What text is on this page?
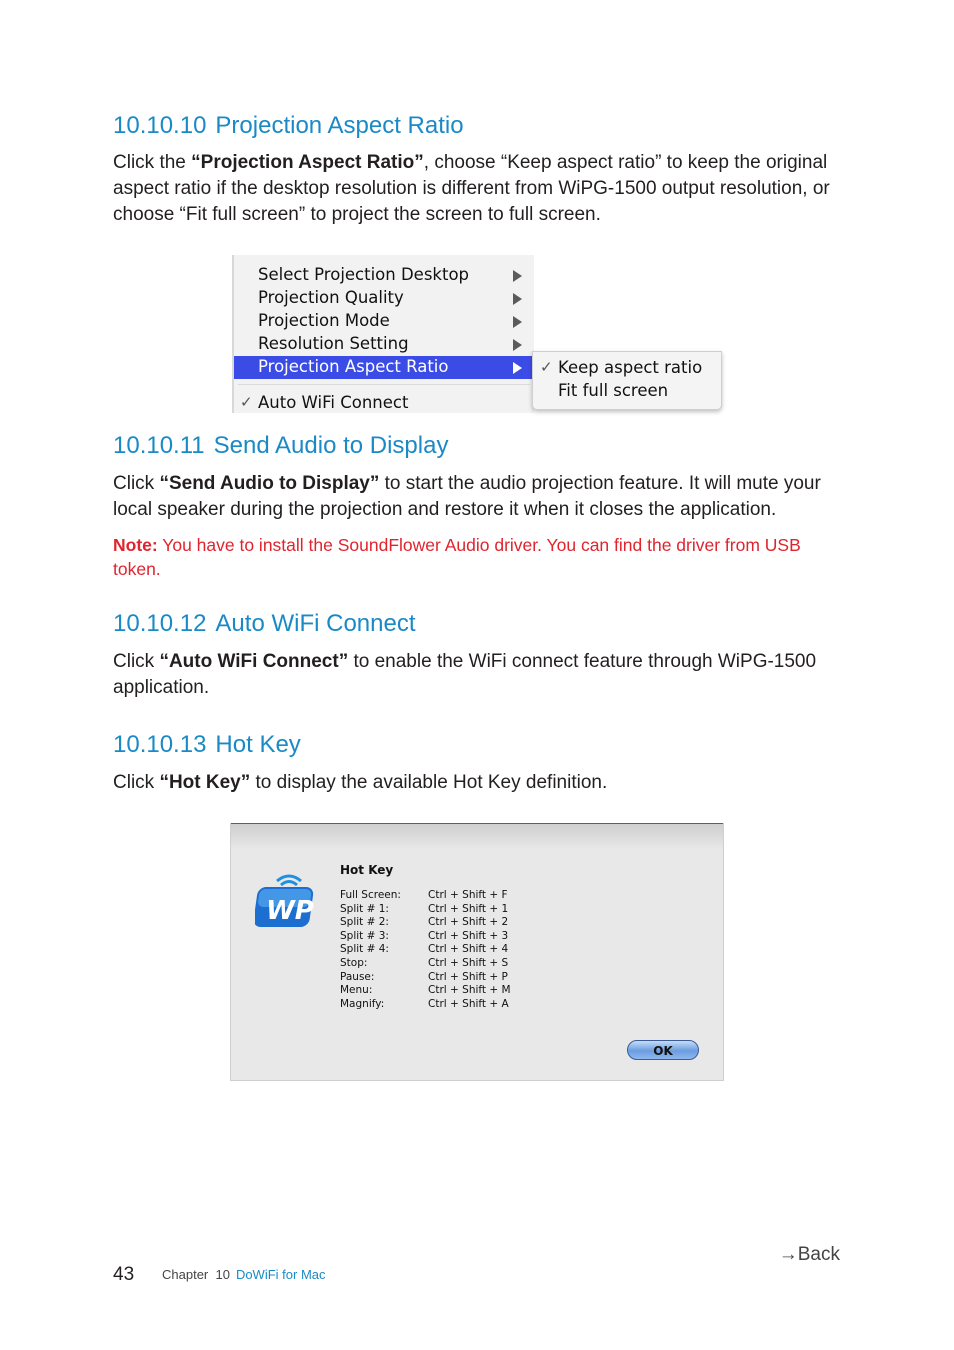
10.10.10 Projection Aspect Ratio

Click the “Projection Aspect Ratio”, choose “Keep aspect ratio” to keep the original aspect ratio if the desktop resolution is different from WiPG-1500 output resolution, or choose “Fit full screen” to project the screen to full screen.

Select Projection Desktop
Projection Quality
Projection Mode
Resolution Setting
Projection Aspect Ratio
✓ Auto WiFi Connect
✓ Keep aspect ratio
Fit full screen
10.10.11 Send Audio to Display

Click “Send Audio to Display” to start the audio projection feature. It will mute your local speaker during the projection and restore it when it closes the application.

Note: You have to install the SoundFlower Audio driver. You can find the driver from USB token.

10.10.12 Auto WiFi Connect

Click “Auto WiFi Connect” to enable the WiFi connect feature through WiPG-1500 application.

10.10.13 Hot Key

Click “Hot Key” to display the available Hot Key definition.

WP
Hot Key
Full Screen:	Ctrl + Shift + F
Split # 1:	Ctrl + Shift + 1
Split # 2:	Ctrl + Shift + 2
Split # 3:	Ctrl + Shift + 3
Split # 4:	Ctrl + Shift + 4
Stop:	Ctrl + Shift + S
Pause:	Ctrl + Shift + P
Menu:	Ctrl + Shift + M
Magnify:	Ctrl + Shift + A
OK
→Back
43 Chapter  10 DoWiFi for Mac
